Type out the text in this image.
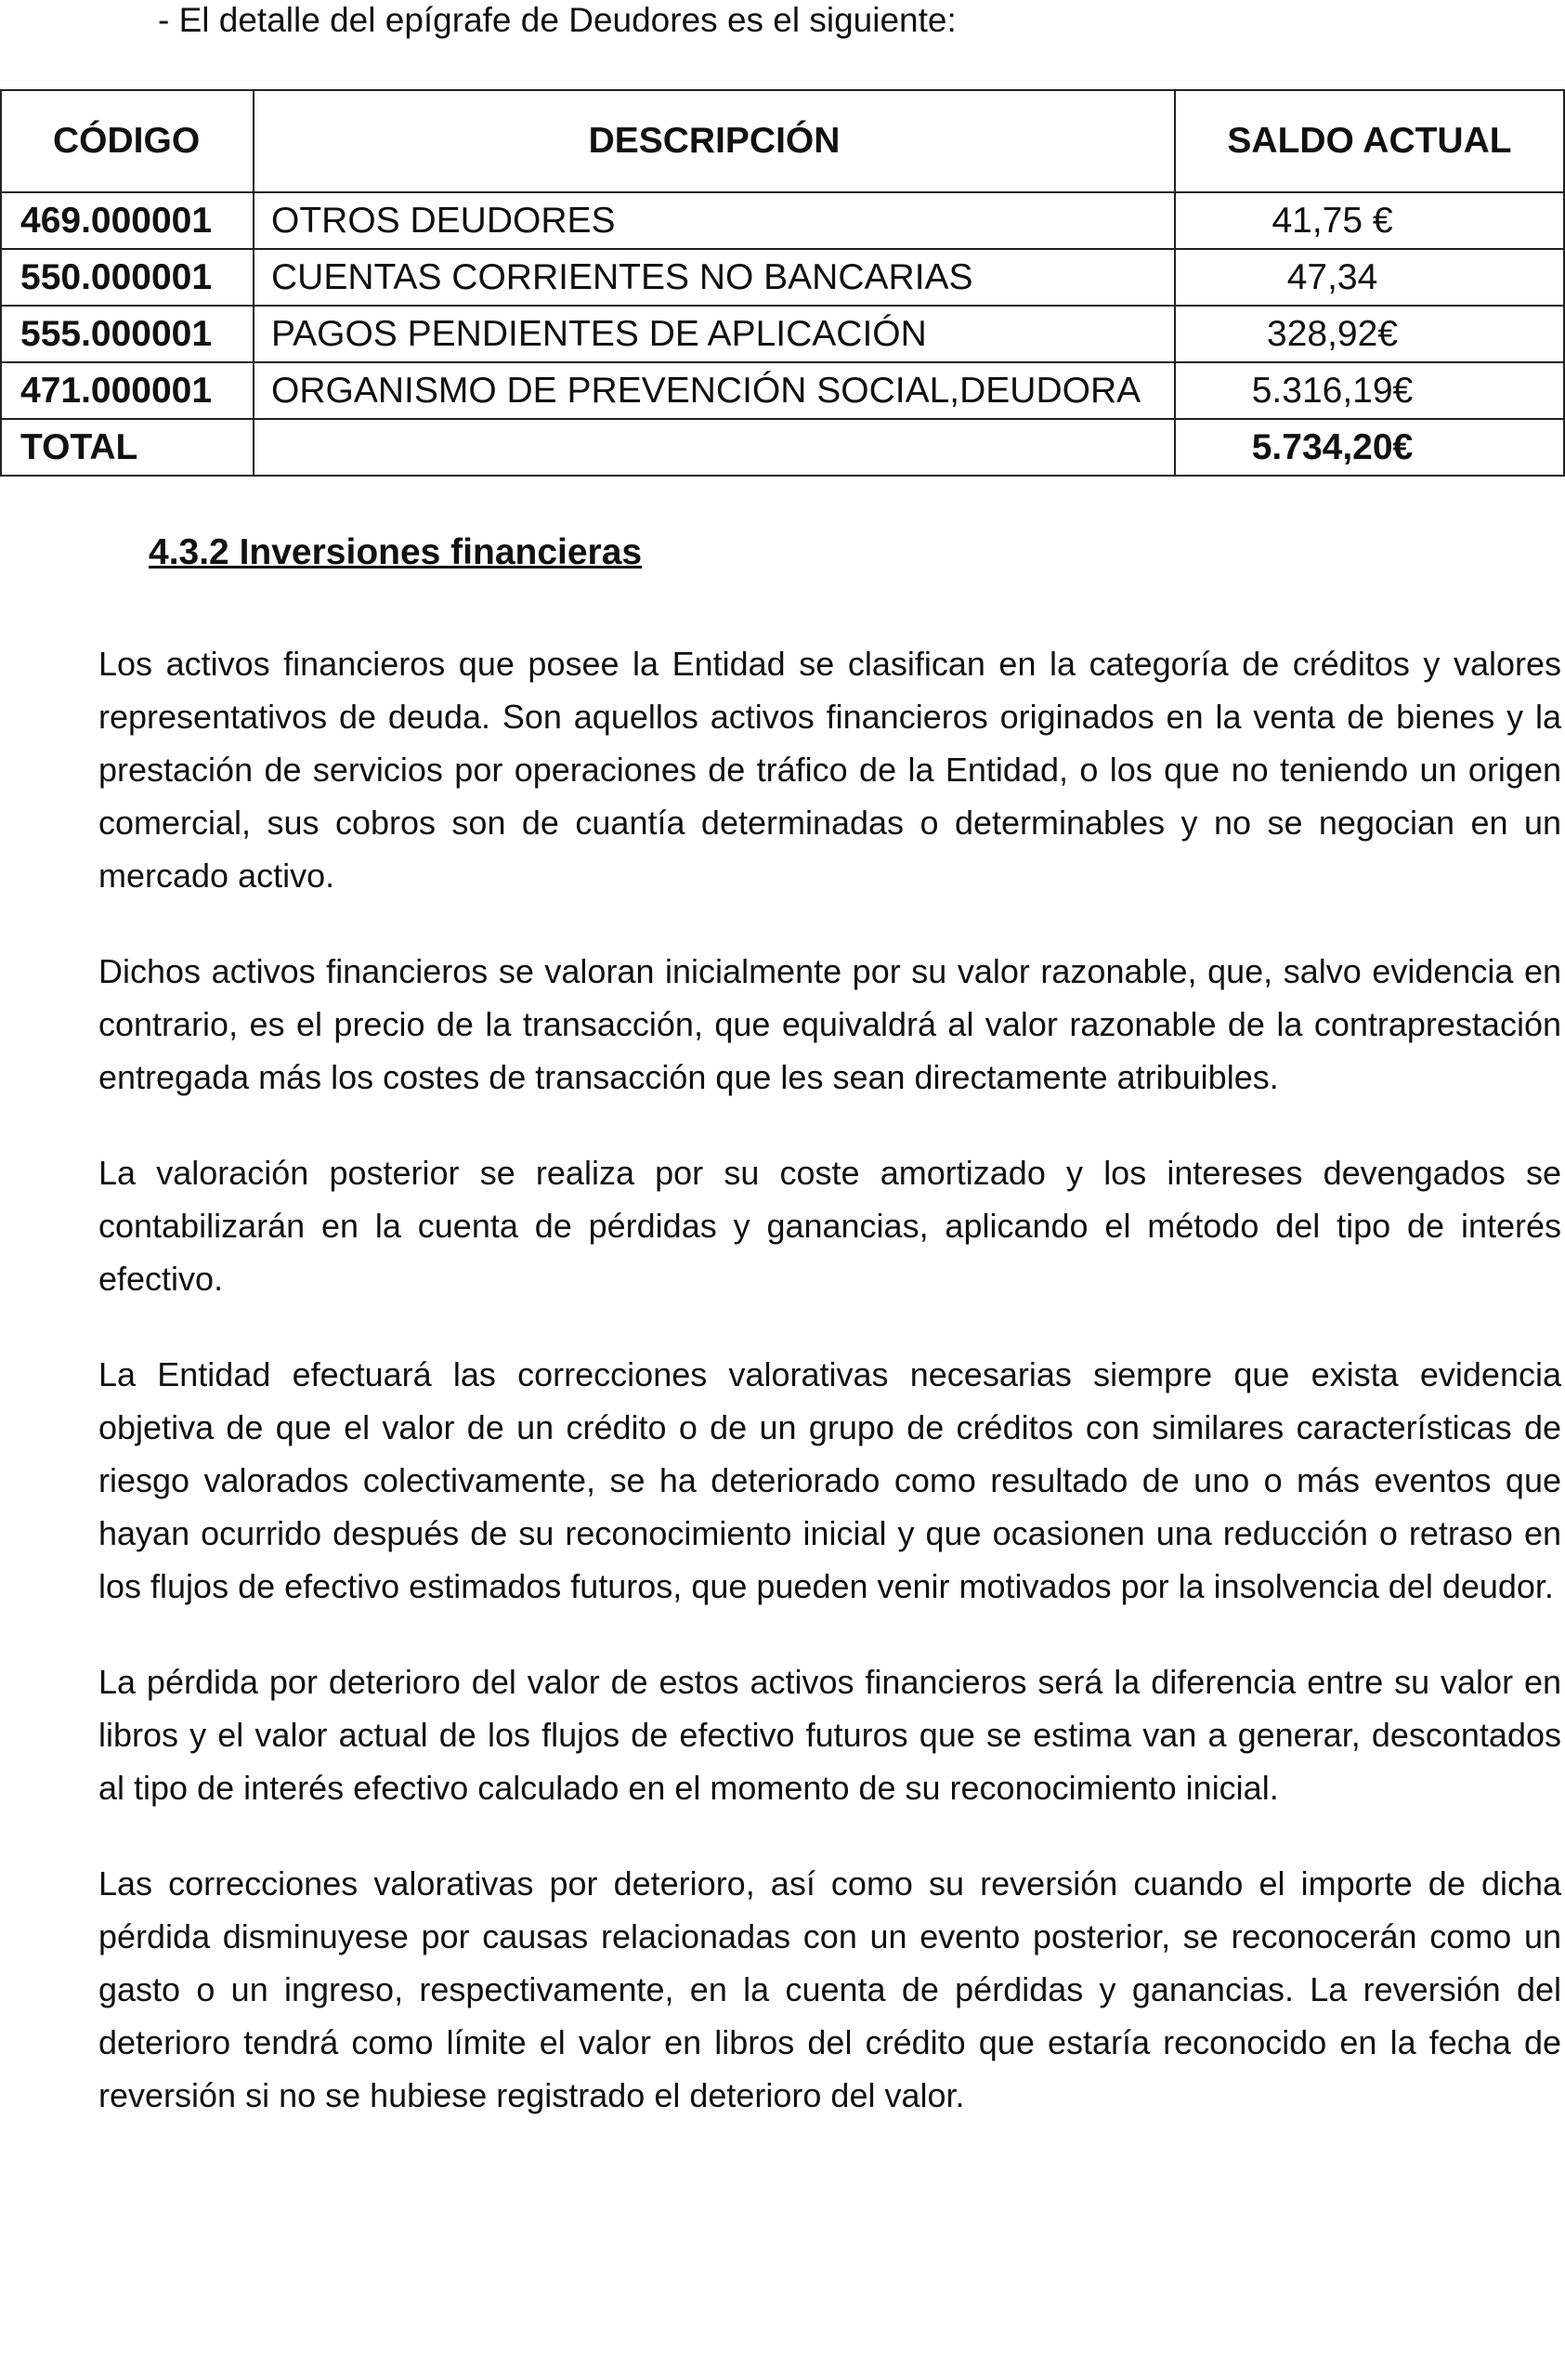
- El detalle del epígrafe de Deudores es el siguiente:
CÓDIGO	DESCRIPCIÓN	SALDO ACTUAL
469.000001	OTROS DEUDORES	41,75 €
550.000001	CUENTAS CORRIENTES NO BANCARIAS	47,34
555.000001	PAGOS PENDIENTES DE APLICACIÓN	328,92€
471.000001	ORGANISMO DE PREVENCIÓN SOCIAL,DEUDORA	5.316,19€
TOTAL		5.734,20€
4.3.2 Inversiones financieras

Los activos financieros que posee la Entidad se clasifican en la categoría de créditos y valores representativos de deuda. Son aquellos activos financieros originados en la venta de bienes y la prestación de servicios por operaciones de tráfico de la Entidad, o los que no teniendo un origen comercial, sus cobros son de cuantía determinadas o determinables y no se negocian en un mercado activo.

Dichos activos financieros se valoran inicialmente por su valor razonable, que, salvo evidencia en contrario, es el precio de la transacción, que equivaldrá al valor razonable de la contraprestación entregada más los costes de transacción que les sean directamente atribuibles.

La valoración posterior se realiza por su coste amortizado y los intereses devengados se contabilizarán en la cuenta de pérdidas y ganancias, aplicando el método del tipo de interés efectivo.

La Entidad efectuará las correcciones valorativas necesarias siempre que exista evidencia objetiva de que el valor de un crédito o de un grupo de créditos con similares características de riesgo valorados colectivamente, se ha deteriorado como resultado de uno o más eventos que hayan ocurrido después de su reconocimiento inicial y que ocasionen una reducción o retraso en los flujos de efectivo estimados futuros, que pueden venir motivados por la insolvencia del deudor.

La pérdida por deterioro del valor de estos activos financieros será la diferencia entre su valor en libros y el valor actual de los flujos de efectivo futuros que se estima van a generar, descontados al tipo de interés efectivo calculado en el momento de su reconocimiento inicial.

Las correcciones valorativas por deterioro, así como su reversión cuando el importe de dicha pérdida disminuyese por causas relacionadas con un evento posterior, se reconocerán como un gasto o un ingreso, respectivamente, en la cuenta de pérdidas y ganancias. La reversión del deterioro tendrá como límite el valor en libros del crédito que estaría reconocido en la fecha de reversión si no se hubiese registrado el deterioro del valor.
